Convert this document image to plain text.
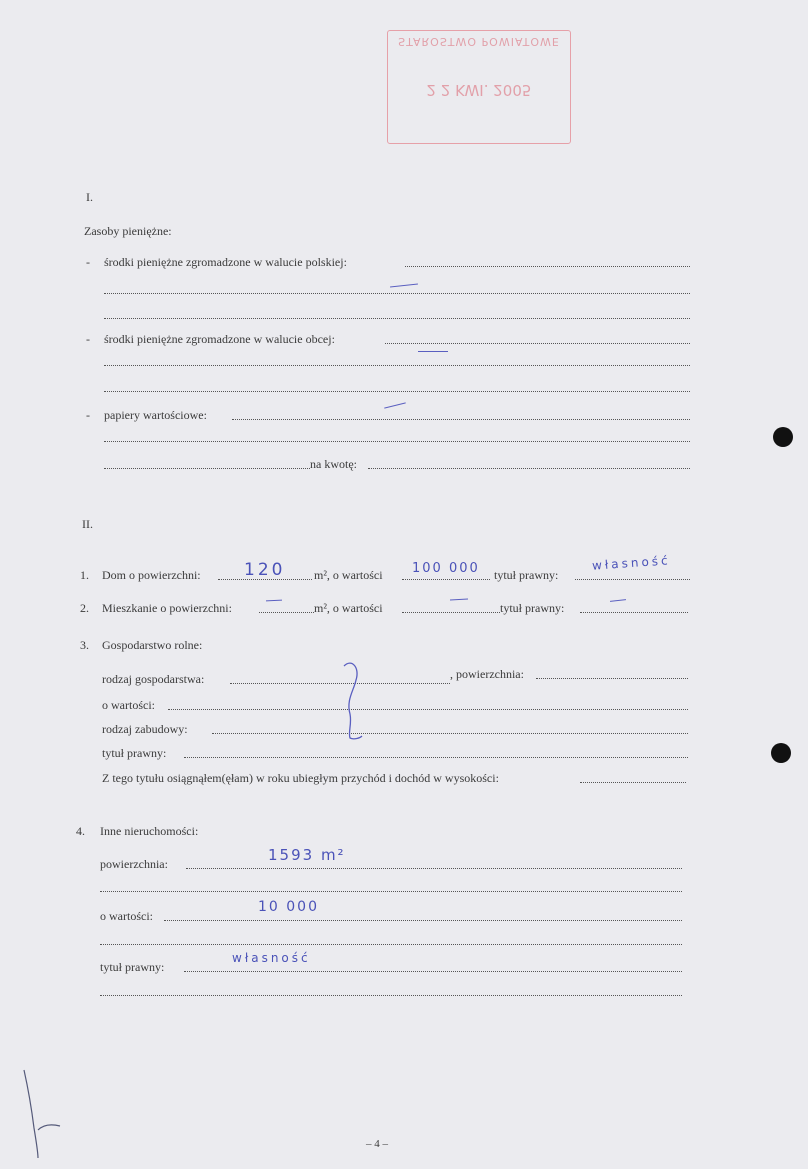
STAROSTWO POWIATOWE
2 2 KWI. 2005
I.
Zasoby pieniężne:
- środki pieniężne zgromadzone w walucie polskiej:
- środki pieniężne zgromadzone w walucie obcej:
- papiery wartościowe:
na kwotę:
II.
1. Dom o powierzchni:	120 m², o wartości 100 000 tytuł prawny:
własność
2. Mieszkanie o powierzchni:	m², o wartości	tytuł prawny:
3. Gospodarstwo rolne:
rodzaj gospodarstwa:	, powierzchnia:
o wartości:
rodzaj zabudowy:
tytuł prawny:
Z tego tytułu osiągnąłem(ęłam) w roku ubiegłym przychód i dochód w wysokości:
4. Inne nieruchomości:
powierzchnia:	1593 m²
o wartości:
10 000
tytuł prawny:
własność
– 4 –
